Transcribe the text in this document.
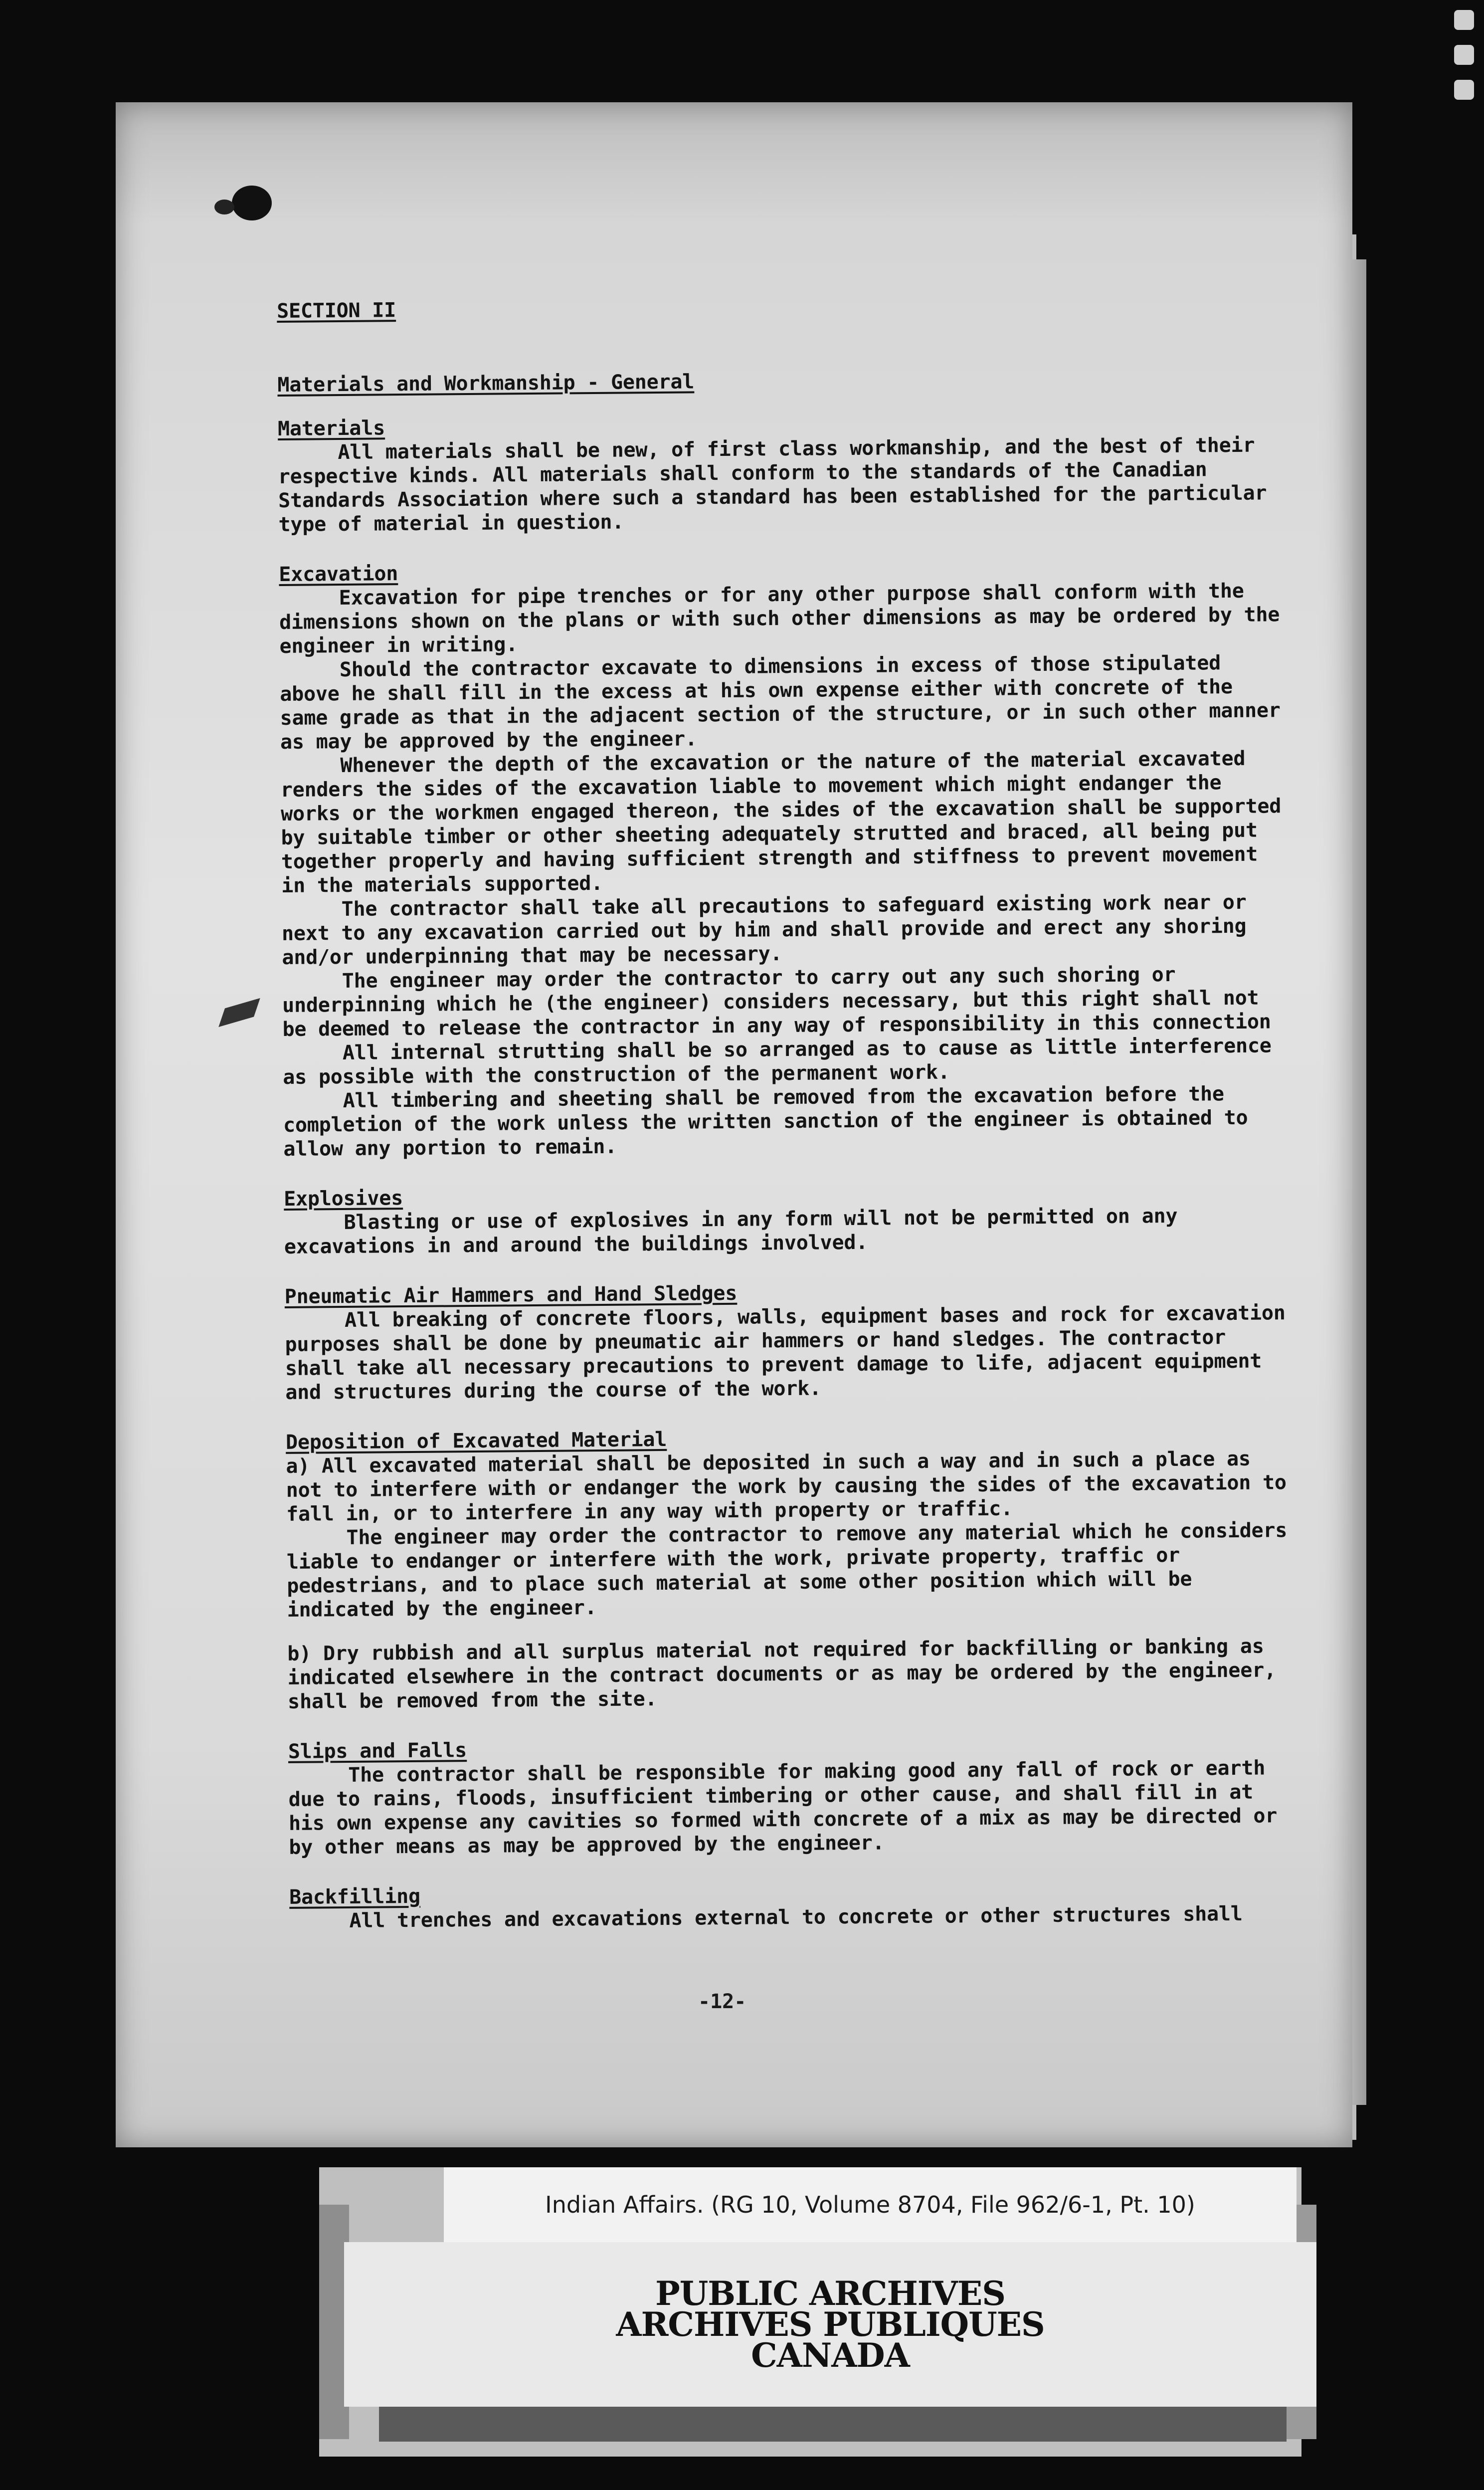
SECTION II

Materials and Workmanship - General

Materials

All materials shall be new, of first class workmanship, and the best of their respective kinds. All materials shall conform to the standards of the Canadian Standards Association where such a standard has been established for the particular type of material in question.

Excavation

Excavation for pipe trenches or for any other purpose shall conform with the dimensions shown on the plans or with such other dimensions as may be ordered by the engineer in writing.

Should the contractor excavate to dimensions in excess of those stipulated above he shall fill in the excess at his own expense either with concrete of the same grade as that in the adjacent section of the structure, or in such other manner as may be approved by the engineer.

Whenever the depth of the excavation or the nature of the material excavated renders the sides of the excavation liable to movement which might endanger the works or the workmen engaged thereon, the sides of the excavation shall be supported by suitable timber or other sheeting adequately strutted and braced, all being put together properly and having sufficient strength and stiffness to prevent movement in the materials supported.

The contractor shall take all precautions to safeguard existing work near or next to any excavation carried out by him and shall provide and erect any shoring and/or underpinning that may be necessary.

The engineer may order the contractor to carry out any such shoring or underpinning which he (the engineer) considers necessary, but this right shall not be deemed to release the contractor in any way of responsibility in this connection

All internal strutting shall be so arranged as to cause as little interference as possible with the construction of the permanent work.

All timbering and sheeting shall be removed from the excavation before the completion of the work unless the written sanction of the engineer is obtained to allow any portion to remain.

Explosives

Blasting or use of explosives in any form will not be permitted on any excavations in and around the buildings involved.

Pneumatic Air Hammers and Hand Sledges

All breaking of concrete floors, walls, equipment bases and rock for excavation purposes shall be done by pneumatic air hammers or hand sledges. The contractor shall take all necessary precautions to prevent damage to life, adjacent equipment and structures during the course of the work.

Deposition of Excavated Material

a) All excavated material shall be deposited in such a way and in such a place as not to interfere with or endanger the work by causing the sides of the excavation to fall in, or to interfere in any way with property or traffic.

The engineer may order the contractor to remove any material which he considers liable to endanger or interfere with the work, private property, traffic or pedestrians, and to place such material at some other position which will be indicated by the engineer.

b) Dry rubbish and all surplus material not required for backfilling or banking as indicated elsewhere in the contract documents or as may be ordered by the engineer, shall be removed from the site.

Slips and Falls

The contractor shall be responsible for making good any fall of rock or earth due to rains, floods, insufficient timbering or other cause, and shall fill in at his own expense any cavities so formed with concrete of a mix as may be directed or by other means as may be approved by the engineer.

Backfilling

All trenches and excavations external to concrete or other structures shall

-12-
Indian Affairs. (RG 10, Volume 8704, File 962/6-1, Pt. 10)
PUBLIC ARCHIVES
ARCHIVES PUBLIQUES
CANADA
